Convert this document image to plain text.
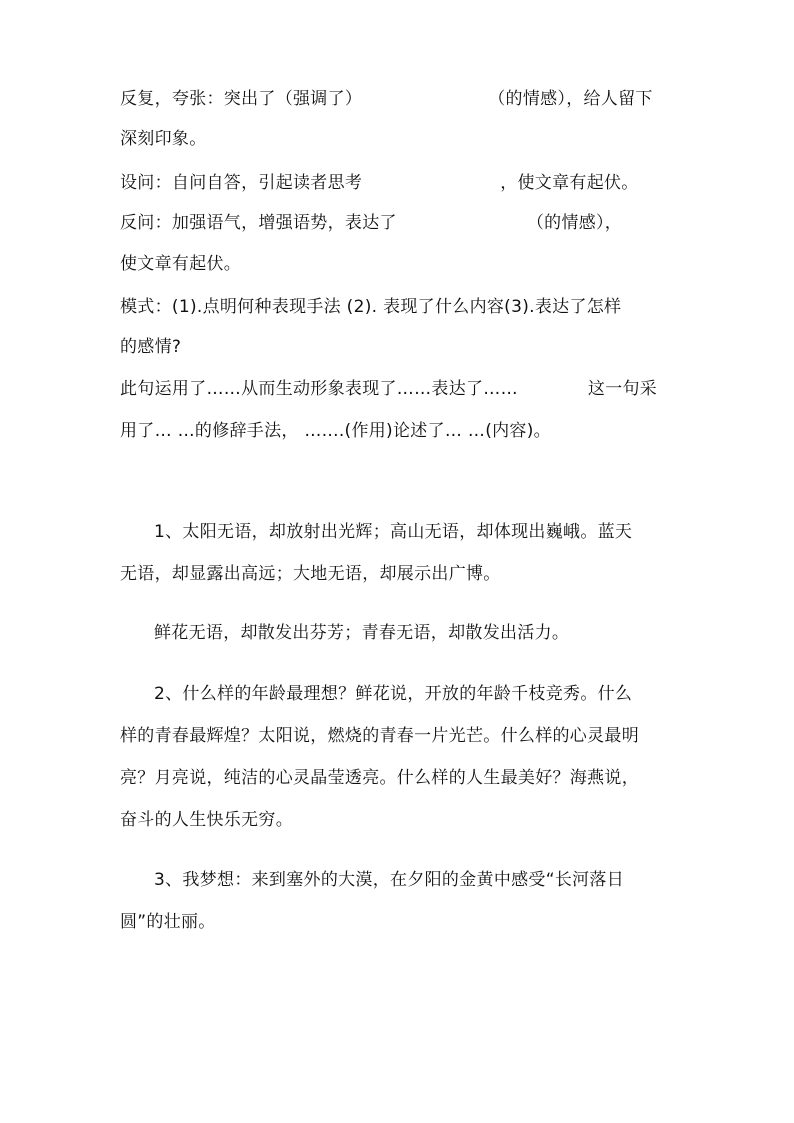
反复，夸张：突出了（强调了）	（的情感），给人留下
深刻印象。
设问：自问自答，引起读者思考	，使文章有起伏。
反问：加强语气，增强语势，表达了	（的情感），
使文章有起伏。
模式：(1).点明何种表现手法 (2). 表现了什么内容(3).表达了怎样
的感情?
此句运用了……从而生动形象表现了……表达了……	这一句采
用了… …的修辞手法， …....(作用)论述了… …(内容)。
1、太阳无语，却放射出光辉；高山无语，却体现出巍峨。蓝天
无语，却显露出高远；大地无语，却展示出广博。
鲜花无语，却散发出芬芳；青春无语，却散发出活力。
2、什么样的年龄最理想？鲜花说，开放的年龄千枝竞秀。什么
样的青春最辉煌？太阳说，燃烧的青春一片光芒。什么样的心灵最明
亮？月亮说，纯洁的心灵晶莹透亮。什么样的人生最美好？海燕说，
奋斗的人生快乐无穷。
3、我梦想：来到塞外的大漠，在夕阳的金黄中感受“长河落日
圆”的壮丽。
